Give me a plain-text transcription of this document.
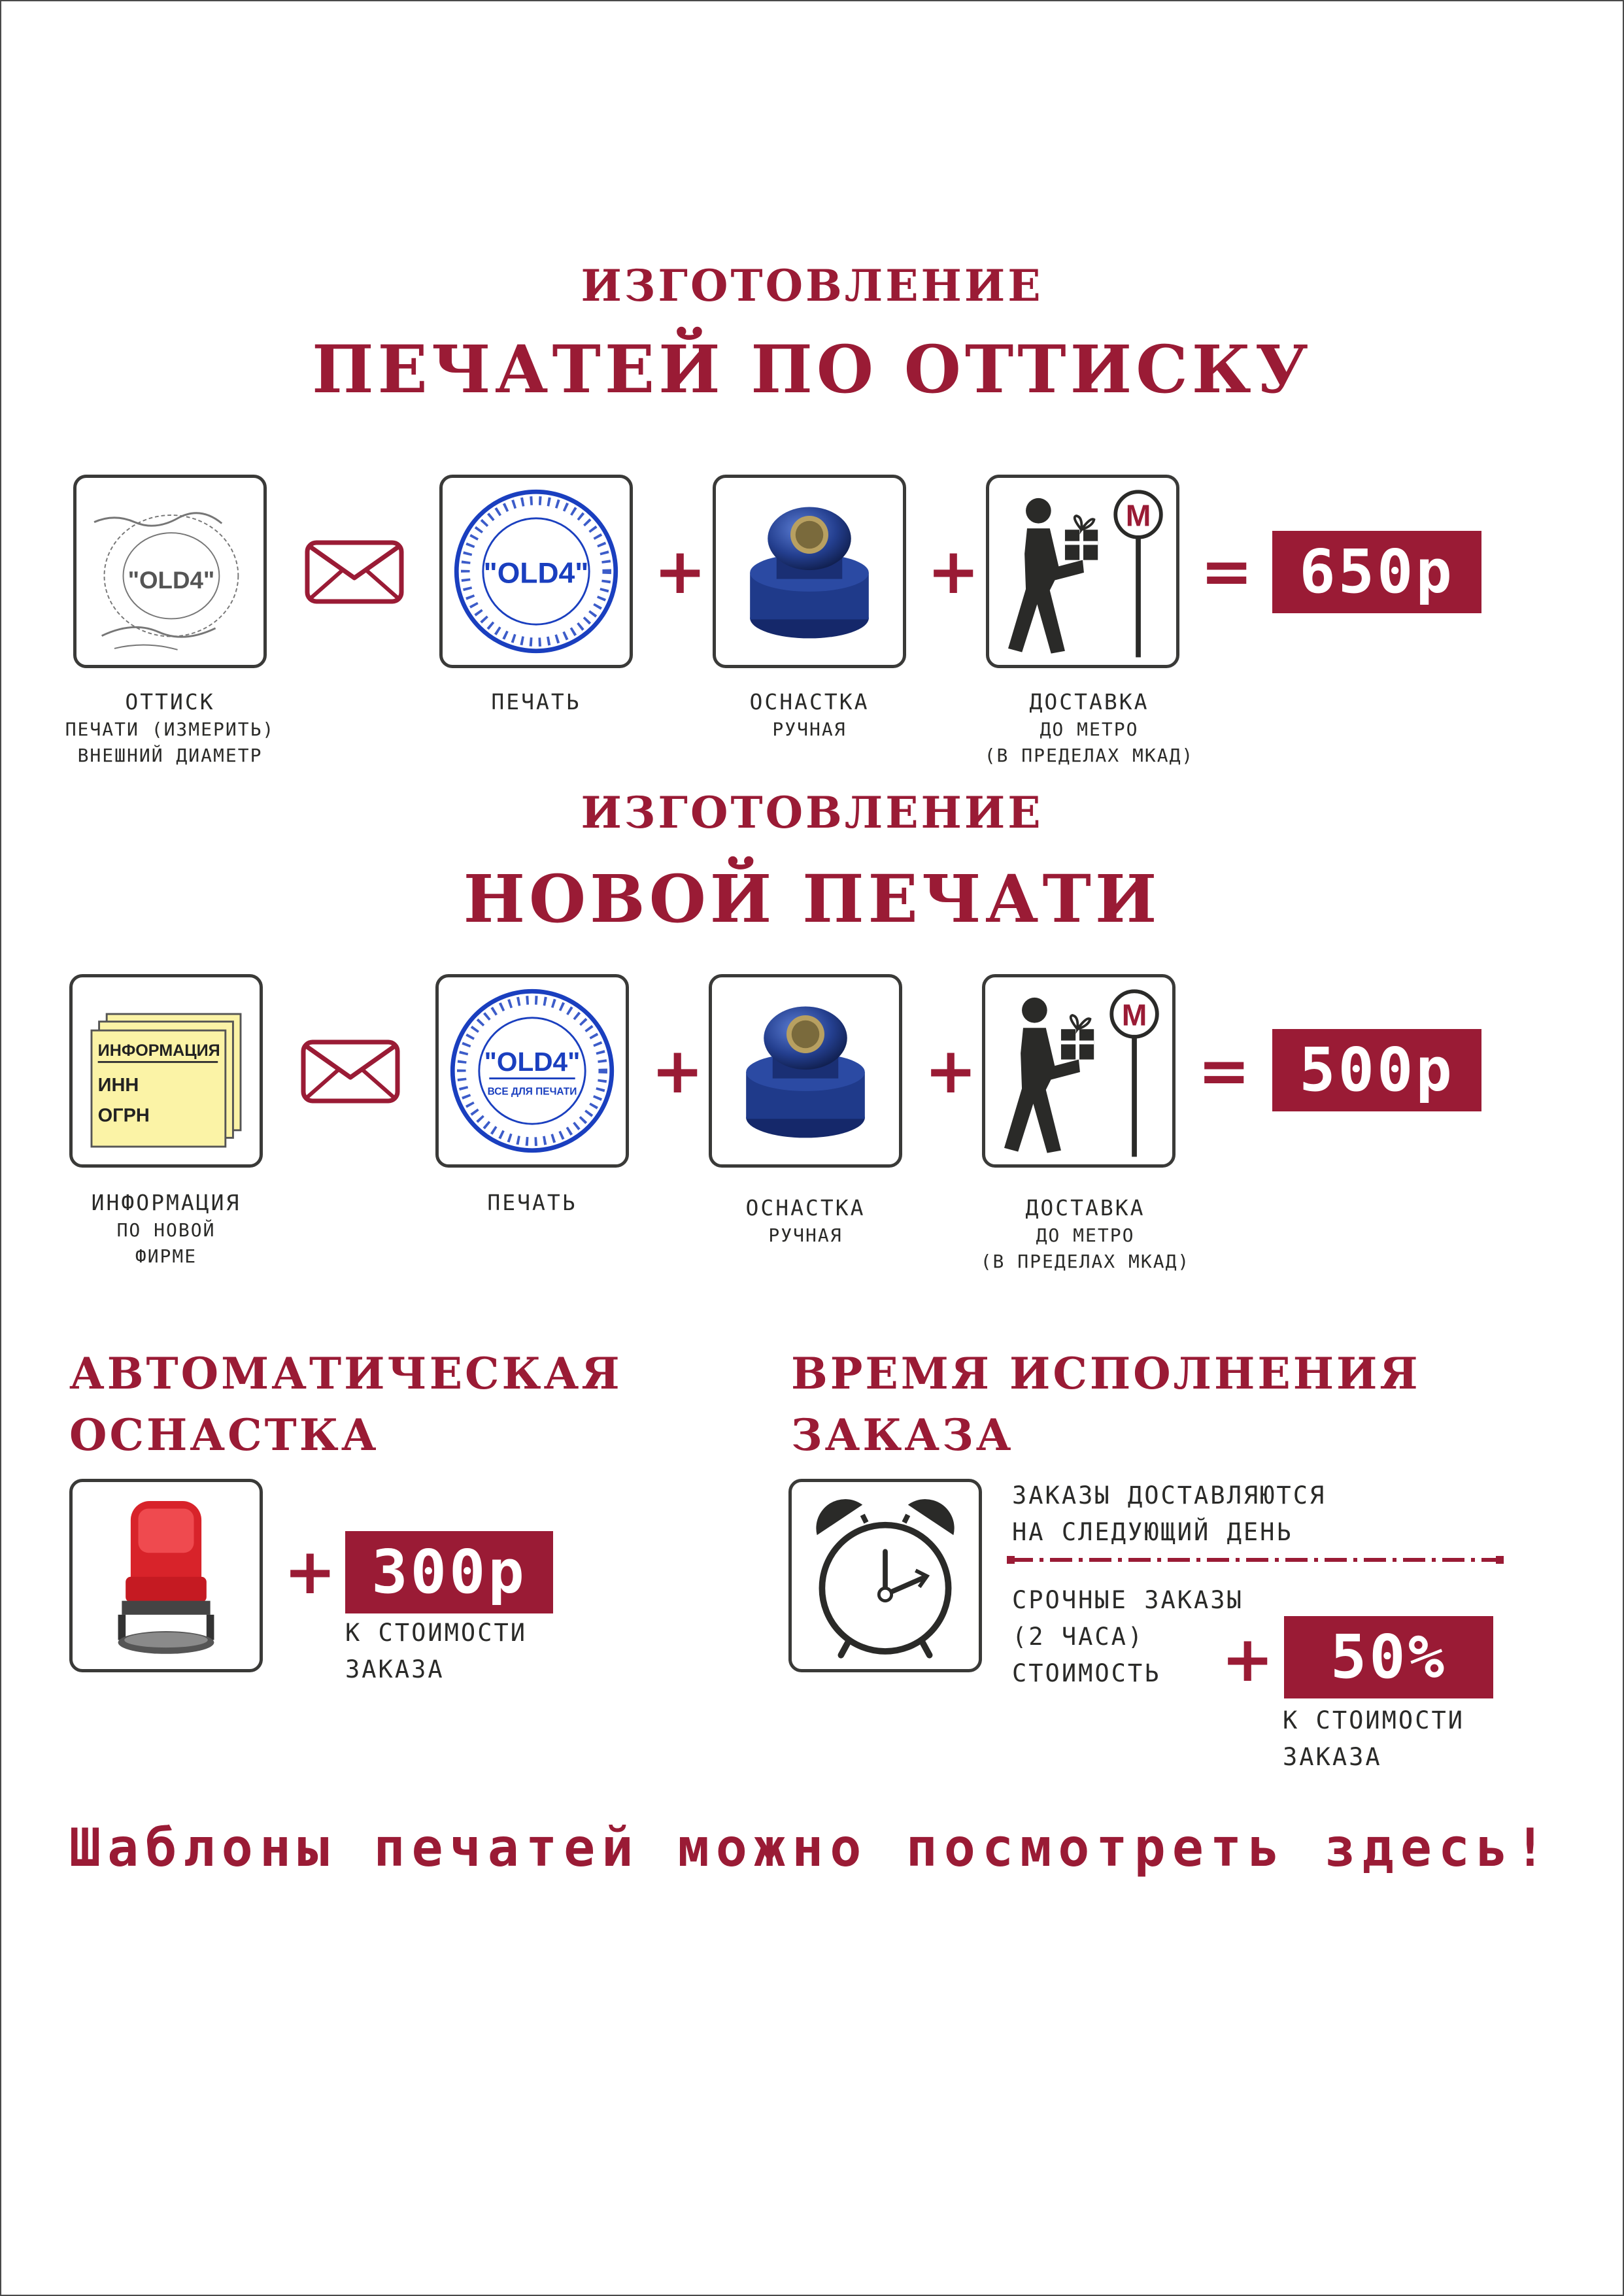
ИЗГОТОВЛЕНИЕ
ПЕЧАТЕЙ ПО ОТТИСКУ
"OLD4"	"OLD4" +	+
М
= 650р
ОТТИСК
ПЕЧАТИ (ИЗМЕРИТЬ)
ВНЕШНИЙ ДИАМЕТР
ПЕЧАТЬ	ОСНАСТКА
РУЧНАЯ
ДОСТАВКА
ДО МЕТРО
(В ПРЕДЕЛАХ МКАД)
ИЗГОТОВЛЕНИЕ
НОВОЙ ПЕЧАТИ
ИНФОРМАЦИЯ
ИНН
ОГРН
"OLD4"
ВСЕ ДЛЯ ПЕЧАТИ +	+
М
= 500р
ИНФОРМАЦИЯ
ПО НОВОЙ
ФИРМЕ
ПЕЧАТЬ	ОСНАСТКА
РУЧНАЯ
ДОСТАВКА
ДО МЕТРО
(В ПРЕДЕЛАХ МКАД)
АВТОМАТИЧЕСКАЯ
ОСНАСТКА
+ 300р
К СТОИМОСТИ
ЗАКАЗА
ВРЕМЯ ИСПОЛНЕНИЯ
ЗАКАЗА
ЗАКАЗЫ ДОСТАВЛЯЮТСЯ
НА СЛЕДУЮЩИЙ ДЕНЬ
СРОЧНЫЕ ЗАКАЗЫ
(2 ЧАСА)
СТОИМОСТЬ + 50%
К СТОИМОСТИ
ЗАКАЗА
Шаблоны печатей можно посмотреть здесь!
